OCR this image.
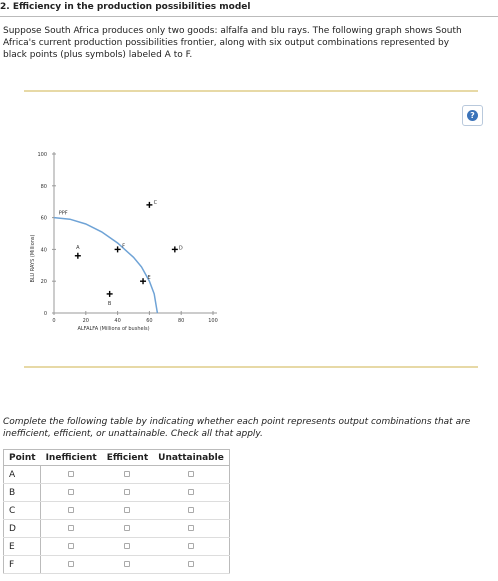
2. Efficiency in the production possibilities model

Suppose South Africa produces only two goods: alfalfa and blu rays. The following graph shows South Africa's current production possibilities frontier, along with six output combinations represented by black points (plus symbols) labeled A to F.

0
20
40
60
80
100
0	20	40	60	80	100
ALFALFA (Millions of bushels)
BLU RAYS (Millions)
PPF
A
B
C
D
E
F
?

Complete the following table by indicating whether each point represents output combinations that are inefficient, efficient, or unattainable. Check all that apply.

Point	Inefficient	Efficient	Unattainable
A			
B			
C			
D			
E			
F			
